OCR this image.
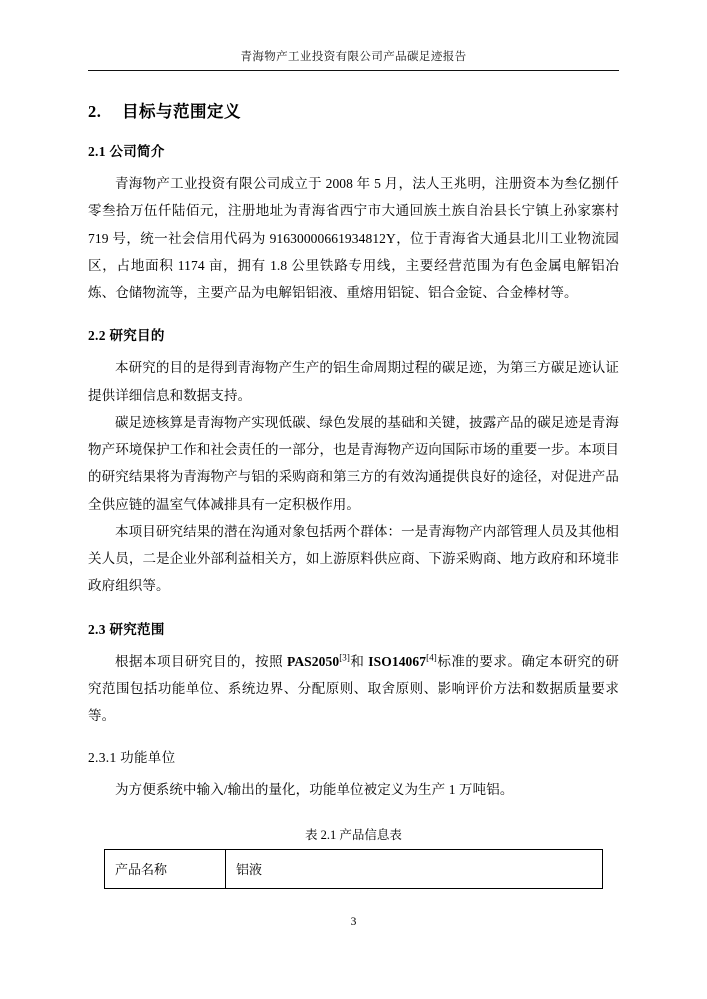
青海物产工业投资有限公司产品碳足迹报告
2. 目标与范围定义
2.1 公司简介

青海物产工业投资有限公司成立于 2008 年 5 月，法人王兆明，注册资本为叁亿捌仟零叁拾万伍仟陆佰元，注册地址为青海省西宁市大通回族土族自治县长宁镇上孙家寨村 719 号，统一社会信用代码为 91630000661934812Y，位于青海省大通县北川工业物流园区，占地面积 1174 亩，拥有 1.8 公里铁路专用线，主要经营范围为有色金属电解铝冶炼、仓储物流等，主要产品为电解铝铝液、重熔用铝锭、铝合金锭、合金棒材等。

2.2 研究目的

本研究的目的是得到青海物产生产的铝生命周期过程的碳足迹，为第三方碳足迹认证提供详细信息和数据支持。

碳足迹核算是青海物产实现低碳、绿色发展的基础和关键，披露产品的碳足迹是青海物产环境保护工作和社会责任的一部分，也是青海物产迈向国际市场的重要一步。本项目的研究结果将为青海物产与铝的采购商和第三方的有效沟通提供良好的途径，对促进产品全供应链的温室气体减排具有一定积极作用。

本项目研究结果的潜在沟通对象包括两个群体：一是青海物产内部管理人员及其他相关人员，二是企业外部利益相关方，如上游原料供应商、下游采购商、地方政府和环境非政府组织等。

2.3 研究范围

根据本项目研究目的，按照 PAS2050[3]和 ISO14067[4]标准的要求。确定本研究的研究范围包括功能单位、系统边界、分配原则、取舍原则、影响评价方法和数据质量要求等。

2.3.1 功能单位

为方便系统中输入/输出的量化，功能单位被定义为生产 1 万吨铝。

表 2.1 产品信息表
产品名称	铝液
3
